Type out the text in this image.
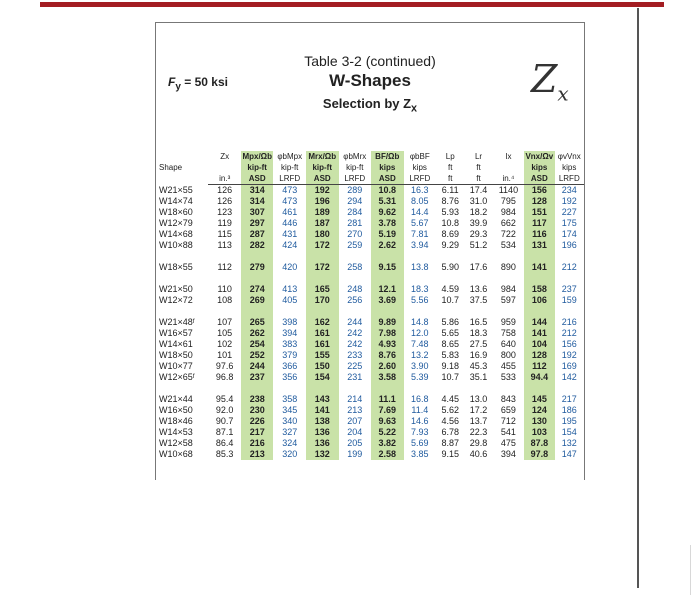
$F_y = 50$ ksi
Table 3-2 (continued)
W-Shapes
Selection by $Z_x$
$Z_x$
Shape	Zx	Mpx/Ωb	φbMpx	Mrx/Ωb	φbMrx	BF/Ωb	φbBF	Lp	Lr	Ix	Vnx/Ωv	φvVnx
		kip-ft	kip-ft	kip-ft	kip-ft	kips	kips	ft	ft		kips	kips
	in.³	ASD	LRFD	ASD	LRFD	ASD	LRFD	ft	ft	in.⁴	ASD	LRFD
W21×55	126	314	473	192	289	10.8	16.3	6.11	17.4	1140	156	234
W14×74	126	314	473	196	294	5.31	8.05	8.76	31.0	795	128	192
W18×60	123	307	461	189	284	9.62	14.4	5.93	18.2	984	151	227
W12×79	119	297	446	187	281	3.78	5.67	10.8	39.9	662	117	175
W14×68	115	287	431	180	270	5.19	7.81	8.69	29.3	722	116	174
W10×88	113	282	424	172	259	2.62	3.94	9.29	51.2	534	131	196

W18×55	112	279	420	172	258	9.15	13.8	5.90	17.6	890	141	212

W21×50	110	274	413	165	248	12.1	18.3	4.59	13.6	984	158	237
W12×72	108	269	405	170	256	3.69	5.56	10.7	37.5	597	106	159

W21×48ᶠ	107	265	398	162	244	9.89	14.8	5.86	16.5	959	144	216
W16×57	105	262	394	161	242	7.98	12.0	5.65	18.3	758	141	212
W14×61	102	254	383	161	242	4.93	7.48	8.65	27.5	640	104	156
W18×50	101	252	379	155	233	8.76	13.2	5.83	16.9	800	128	192
W10×77	97.6	244	366	150	225	2.60	3.90	9.18	45.3	455	112	169
W12×65ᶠ	96.8	237	356	154	231	3.58	5.39	10.7	35.1	533	94.4	142

W21×44	95.4	238	358	143	214	11.1	16.8	4.45	13.0	843	145	217
W16×50	92.0	230	345	141	213	7.69	11.4	5.62	17.2	659	124	186
W18×46	90.7	226	340	138	207	9.63	14.6	4.56	13.7	712	130	195
W14×53	87.1	217	327	136	204	5.22	7.93	6.78	22.3	541	103	154
W12×58	86.4	216	324	136	205	3.82	5.69	8.87	29.8	475	87.8	132
W10×68	85.3	213	320	132	199	2.58	3.85	9.15	40.6	394	97.8	147
